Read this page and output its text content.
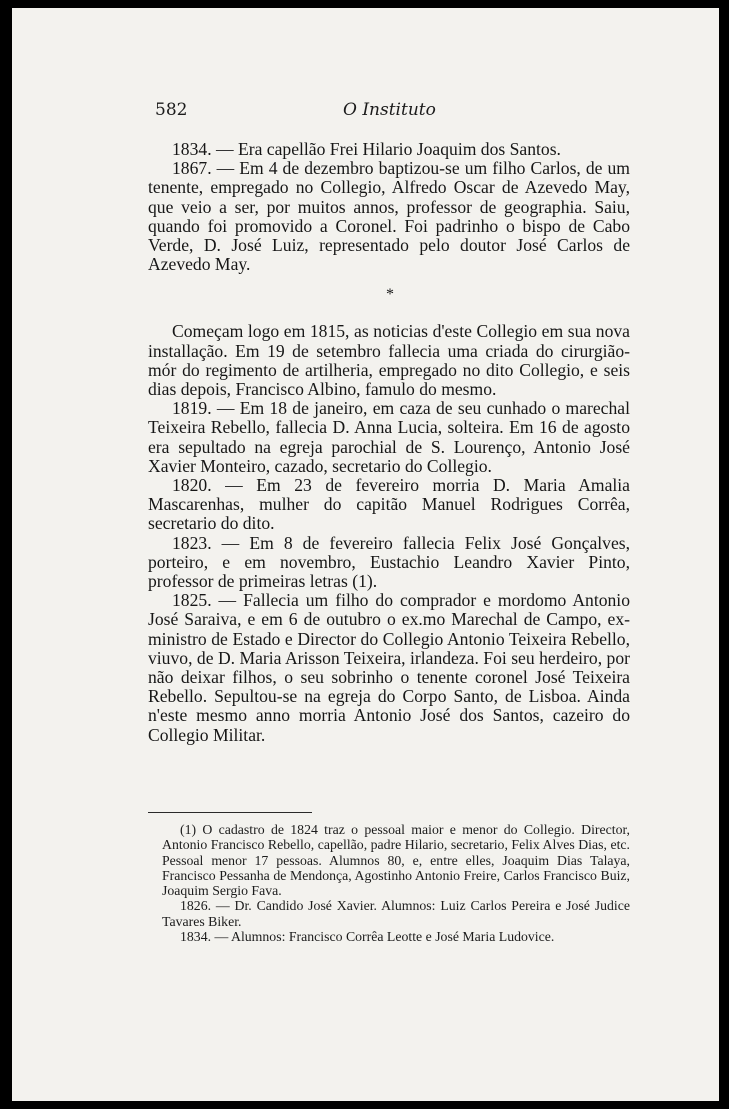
582	O Instituto

1834. — Era capellão Frei Hilario Joaquim dos Santos.

1867. — Em 4 de dezembro baptizou-se um filho Carlos, de um tenente, empregado no Collegio, Alfredo Oscar de Azevedo May, que veio a ser, por muitos annos, professor de geographia. Saiu, quando foi promovido a Coronel. Foi padrinho o bispo de Cabo Verde, D. José Luiz, representado pelo doutor José Carlos de Azevedo May.

*

Começam logo em 1815, as noticias d'este Collegio em sua nova installação. Em 19 de setembro fallecia uma criada do cirurgião-mór do regimento de artilheria, empregado no dito Collegio, e seis dias depois, Francisco Albino, famulo do mesmo.

1819. — Em 18 de janeiro, em caza de seu cunhado o marechal Teixeira Rebello, fallecia D. Anna Lucia, solteira. Em 16 de agosto era sepultado na egreja parochial de S. Lourenço, Antonio José Xavier Monteiro, cazado, secretario do Collegio.

1820. — Em 23 de fevereiro morria D. Maria Amalia Mascarenhas, mulher do capitão Manuel Rodrigues Corrêa, secretario do dito.

1823. — Em 8 de fevereiro fallecia Felix José Gonçalves, porteiro, e em novembro, Eustachio Leandro Xavier Pinto, professor de primeiras letras (1).

1825. — Fallecia um filho do comprador e mordomo Antonio José Saraiva, e em 6 de outubro o ex.mo Marechal de Campo, ex-ministro de Estado e Director do Collegio Antonio Teixeira Rebello, viuvo, de D. Maria Arisson Teixeira, irlandeza. Foi seu herdeiro, por não deixar filhos, o seu sobrinho o tenente coronel José Teixeira Rebello. Sepultou-se na egreja do Corpo Santo, de Lisboa. Ainda n'este mesmo anno morria Antonio José dos Santos, cazeiro do Collegio Militar.

(1) O cadastro de 1824 traz o pessoal maior e menor do Collegio. Director, Antonio Francisco Rebello, capellão, padre Hilario, secretario, Felix Alves Dias, etc. Pessoal menor 17 pessoas. Alumnos 80, e, entre elles, Joaquim Dias Talaya, Francisco Pessanha de Mendonça, Agostinho Antonio Freire, Carlos Francisco Buiz, Joaquim Sergio Fava.

1826. — Dr. Candido José Xavier. Alumnos: Luiz Carlos Pereira e José Judice Tavares Biker.

1834. — Alumnos: Francisco Corrêa Leotte e José Maria Ludovice.
